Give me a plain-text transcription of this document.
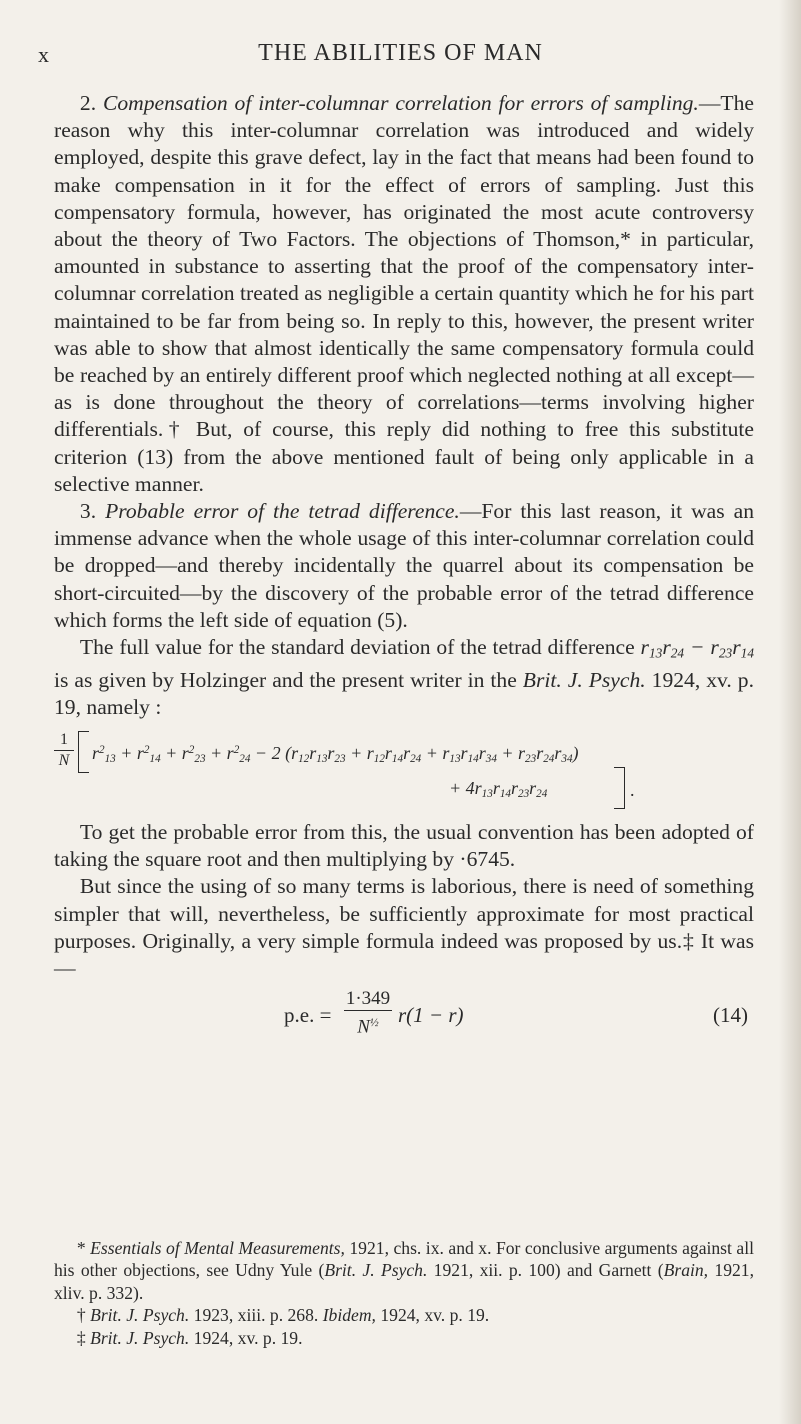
x	THE ABILITIES OF MAN

2. Compensation of inter-columnar correlation for errors of sampling.—The reason why this inter-columnar correlation was introduced and widely employed, despite this grave defect, lay in the fact that means had been found to make compensation in it for the effect of errors of sampling. Just this compensatory formula, however, has originated the most acute controversy about the theory of Two Factors. The objections of Thomson,* in particular, amounted in substance to asserting that the proof of the compensatory inter-columnar correlation treated as negligible a certain quantity which he for his part maintained to be far from being so. In reply to this, however, the present writer was able to show that almost identically the same compensatory formula could be reached by an entirely different proof which neglected nothing at all except—as is done throughout the theory of correlations—terms involving higher differentials.† But, of course, this reply did nothing to free this substitute criterion (13) from the above mentioned fault of being only applicable in a selective manner.

3. Probable error of the tetrad difference.—For this last reason, it was an immense advance when the whole usage of this inter-columnar correlation could be dropped—and thereby incidentally the quarrel about its compensation be short-circuited—by the discovery of the probable error of the tetrad difference which forms the left side of equation (5).

The full value for the standard deviation of the tetrad difference $r_{13}r_{24} - r_{23}r_{14}$ is as given by Holzinger and the present writer in the Brit. J. Psych. 1924, xv. p. 19, namely :

1
N $r^2_{13} + r^2_{14} + r^2_{23} + r^2_{24} - 2$ $(r_{12}r_{13}r_{23} + r_{12}r_{14}r_{24} + r_{13}r_{14}r_{34} + r_{23}r_{24}r_{34})$
+ $4r_{13}r_{14}r_{23}r_{24}$	.

To get the probable error from this, the usual convention has been adopted of taking the square root and then multiplying by ·6745.

But since the using of so many terms is laborious, there is need of something simpler that will, nevertheless, be sufficiently approximate for most practical purposes. Originally, a very simple formula indeed was proposed by us.‡ It was—

p.e. =
1·349
$N^{\frac{1}{2}}$ r(1 − r)	(14)

* Essentials of Mental Measurements, 1921, chs. ix. and x. For conclusive arguments against all his other objections, see Udny Yule (Brit. J. Psych. 1921, xii. p. 100) and Garnett (Brain, 1921, xliv. p. 332).

† Brit. J. Psych. 1923, xiii. p. 268. Ibidem, 1924, xv. p. 19.

‡ Brit. J. Psych. 1924, xv. p. 19.
